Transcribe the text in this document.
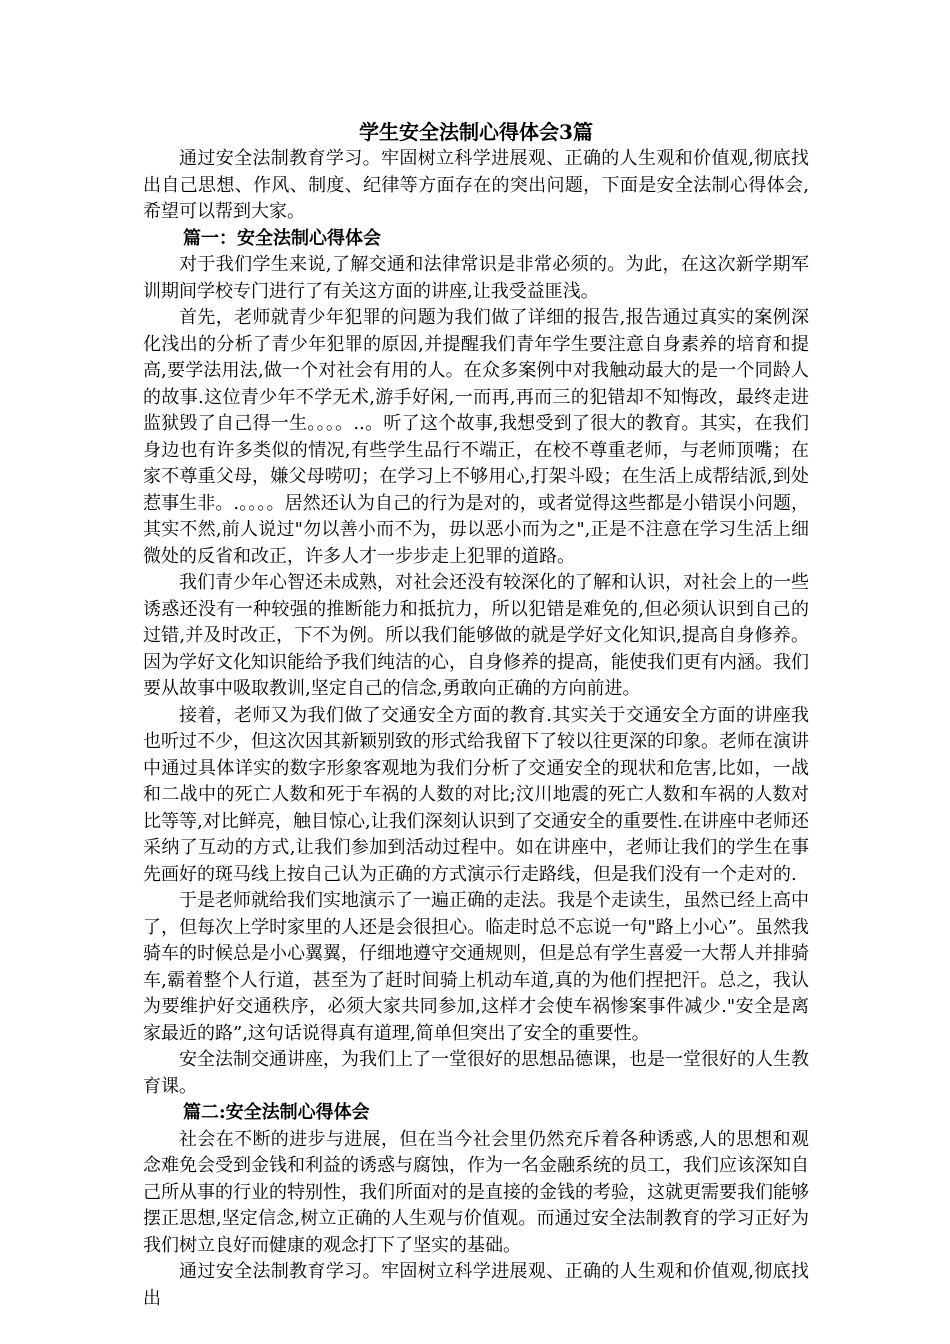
学生安全法制心得体会3篇

通过安全法制教育学习。牢固树立科学进展观、正确的人生观和价值观,彻底找出自己思想、作风、制度、纪律等方面存在的突出问题，下面是安全法制心得体会,希望可以帮到大家。

篇一：安全法制心得体会

对于我们学生来说,了解交通和法律常识是非常必须的。为此，在这次新学期军训期间学校专门进行了有关这方面的讲座,让我受益匪浅。

首先，老师就青少年犯罪的问题为我们做了详细的报告,报告通过真实的案例深化浅出的分析了青少年犯罪的原因,并提醒我们青年学生要注意自身素养的培育和提高,要学法用法,做一个对社会有用的人。在众多案例中对我触动最大的是一个同龄人的故事.这位青少年不学无术,游手好闲,一而再,再而三的犯错却不知悔改，最终走进监狱毁了自己得一生。。。。..。听了这个故事,我想受到了很大的教育。其实，在我们身边也有许多类似的情况,有些学生品行不端正，在校不尊重老师，与老师顶嘴；在家不尊重父母，嫌父母唠叨；在学习上不够用心,打架斗殴；在生活上成帮结派,到处惹事生非。.。。。。居然还认为自己的行为是对的，或者觉得这些都是小错误小问题，其实不然,前人说过"勿以善小而不为，毋以恶小而为之",正是不注意在学习生活上细微处的反省和改正，许多人才一步步走上犯罪的道路。

我们青少年心智还未成熟，对社会还没有较深化的了解和认识，对社会上的一些诱惑还没有一种较强的推断能力和抵抗力，所以犯错是难免的,但必须认识到自己的过错,并及时改正，下不为例。所以我们能够做的就是学好文化知识,提高自身修养。因为学好文化知识能给予我们纯洁的心，自身修养的提高，能使我们更有内涵。我们要从故事中吸取教训,坚定自己的信念,勇敢向正确的方向前进。

接着，老师又为我们做了交通安全方面的教育.其实关于交通安全方面的讲座我也听过不少，但这次因其新颖别致的形式给我留下了较以往更深的印象。老师在演讲中通过具体详实的数字形象客观地为我们分析了交通安全的现状和危害,比如，一战和二战中的死亡人数和死于车祸的人数的对比;汶川地震的死亡人数和车祸的人数对比等等,对比鲜亮，触目惊心,让我们深刻认识到了交通安全的重要性.在讲座中老师还采纳了互动的方式,让我们参加到活动过程中。如在讲座中，老师让我们的学生在事先画好的斑马线上按自己认为正确的方式演示行走路线，但是我们没有一个走对的.

于是老师就给我们实地演示了一遍正确的走法。我是个走读生，虽然已经上高中了，但每次上学时家里的人还是会很担心。临走时总不忘说一句"路上小心”。虽然我骑车的时候总是小心翼翼，仔细地遵守交通规则，但是总有学生喜爱一大帮人并排骑车,霸着整个人行道，甚至为了赶时间骑上机动车道,真的为他们捏把汗。总之，我认为要维护好交通秩序，必须大家共同参加,这样才会使车祸惨案事件减少."安全是离家最近的路”,这句话说得真有道理,简单但突出了安全的重要性。

安全法制交通讲座，为我们上了一堂很好的思想品德课，也是一堂很好的人生教育课。

篇二:安全法制心得体会

社会在不断的进步与进展，但在当今社会里仍然充斥着各种诱惑,人的思想和观念难免会受到金钱和利益的诱惑与腐蚀，作为一名金融系统的员工，我们应该深知自己所从事的行业的特别性，我们所面对的是直接的金钱的考验，这就更需要我们能够摆正思想,坚定信念,树立正确的人生观与价值观。而通过安全法制教育的学习正好为我们树立良好而健康的观念打下了坚实的基础。

通过安全法制教育学习。牢固树立科学进展观、正确的人生观和价值观,彻底找出
